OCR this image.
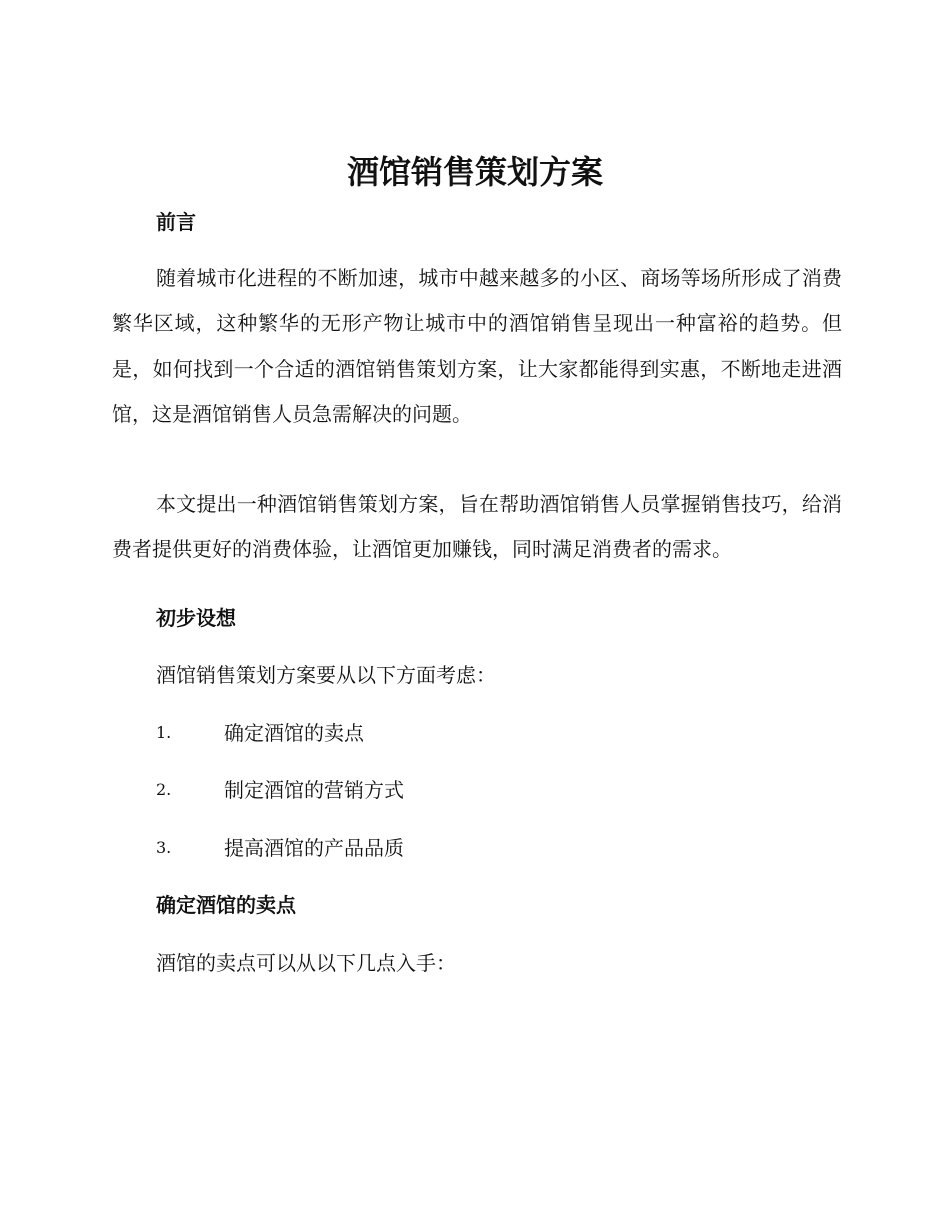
酒馆销售策划方案
前言

随着城市化进程的不断加速，城市中越来越多的小区、商场等场所形成了消费繁华区域，这种繁华的无形产物让城市中的酒馆销售呈现出一种富裕的趋势。但是，如何找到一个合适的酒馆销售策划方案，让大家都能得到实惠，不断地走进酒馆，这是酒馆销售人员急需解决的问题。

本文提出一种酒馆销售策划方案，旨在帮助酒馆销售人员掌握销售技巧，给消费者提供更好的消费体验，让酒馆更加赚钱，同时满足消费者的需求。

初步设想

酒馆销售策划方案要从以下方面考虑：

1.	确定酒馆的卖点
2.	制定酒馆的营销方式
3.	提高酒馆的产品品质
确定酒馆的卖点

酒馆的卖点可以从以下几点入手：
